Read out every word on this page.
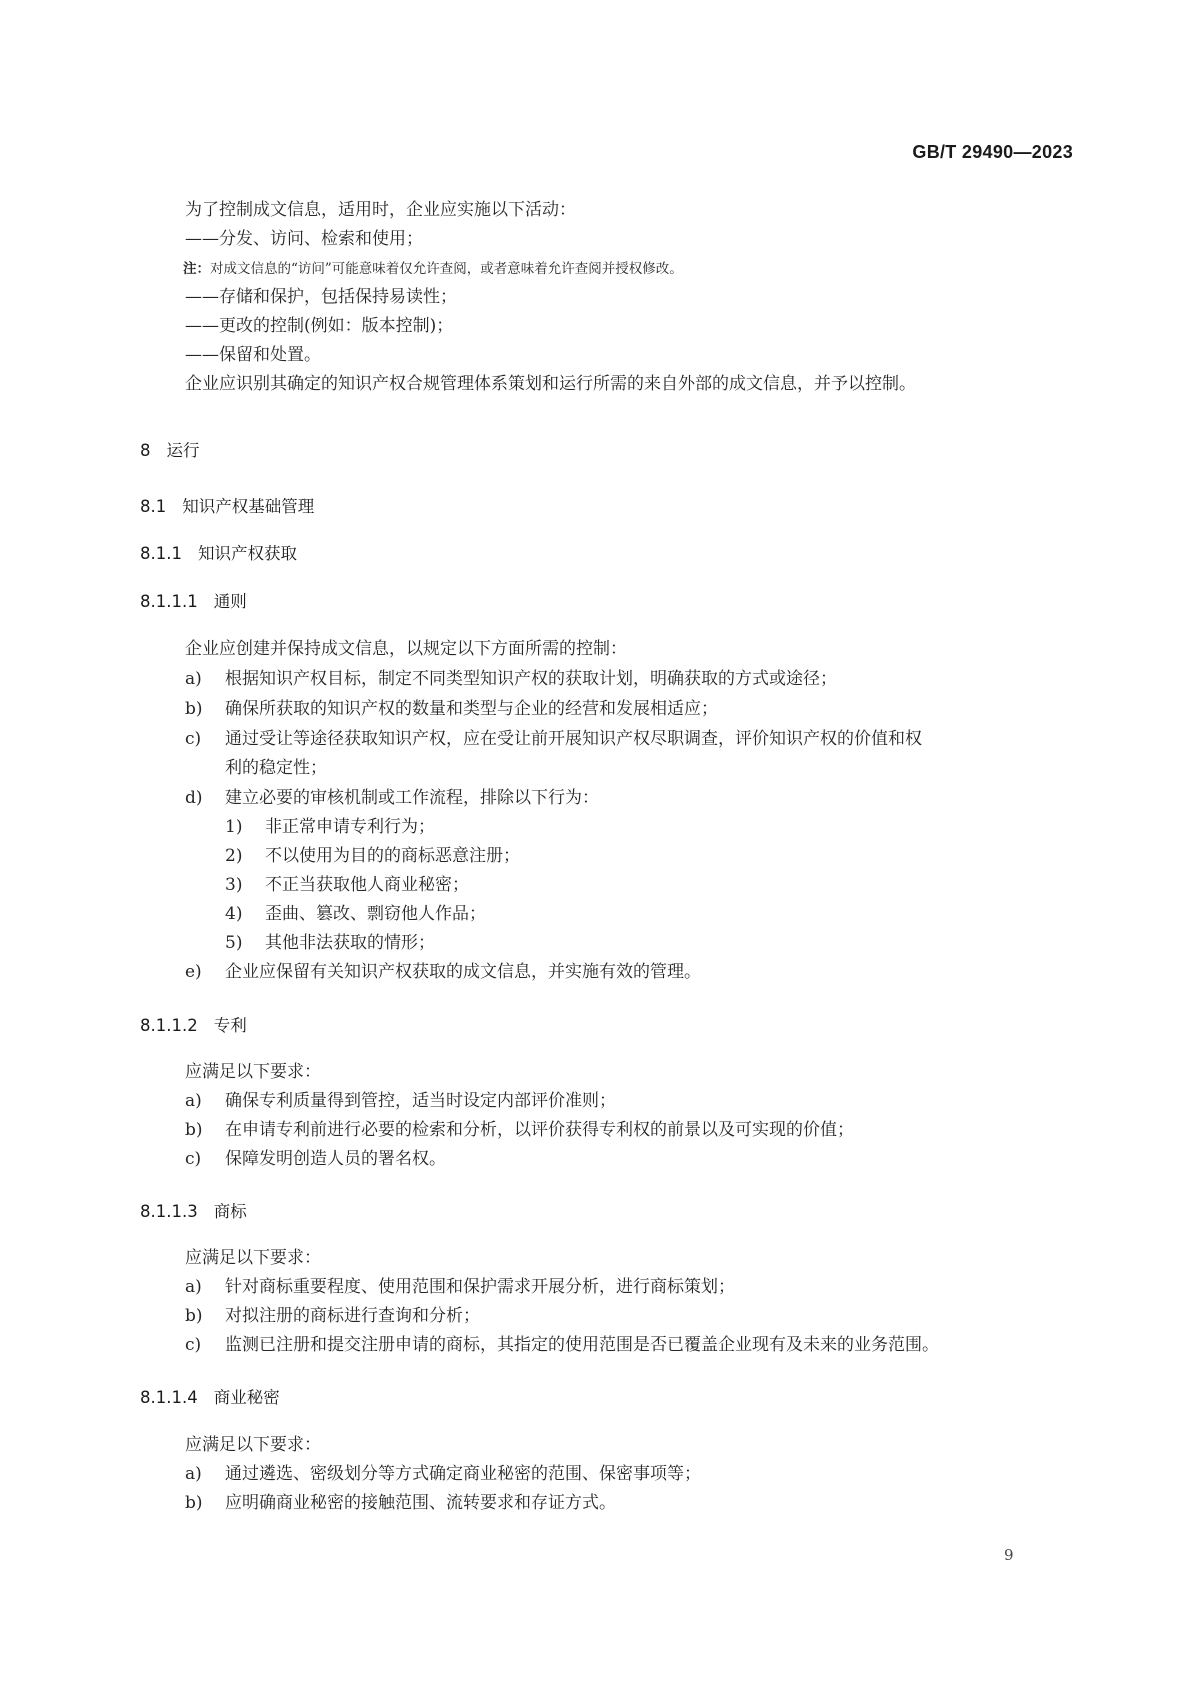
GB/T 29490—2023
为了控制成文信息，适用时，企业应实施以下活动：
——分发、访问、检索和使用；
注：对成文信息的“访问”可能意味着仅允许查阅，或者意味着允许查阅并授权修改。
——存储和保护，包括保持易读性；
——更改的控制(例如：版本控制)；
——保留和处置。
企业应识别其确定的知识产权合规管理体系策划和运行所需的来自外部的成文信息，并予以控制。
8 运行
8.1 知识产权基础管理
8.1.1 知识产权获取
8.1.1.1 通则
企业应创建并保持成文信息，以规定以下方面所需的控制：
a) 根据知识产权目标，制定不同类型知识产权的获取计划，明确获取的方式或途径；
b) 确保所获取的知识产权的数量和类型与企业的经营和发展相适应；
c) 通过受让等途径获取知识产权，应在受让前开展知识产权尽职调查，评价知识产权的价值和权
利的稳定性；
d) 建立必要的审核机制或工作流程，排除以下行为：
1) 非正常申请专利行为；
2) 不以使用为目的的商标恶意注册；
3) 不正当获取他人商业秘密；
4) 歪曲、篡改、剽窃他人作品；
5) 其他非法获取的情形；
e) 企业应保留有关知识产权获取的成文信息，并实施有效的管理。
8.1.1.2 专利
应满足以下要求：
a) 确保专利质量得到管控，适当时设定内部评价准则；
b) 在申请专利前进行必要的检索和分析，以评价获得专利权的前景以及可实现的价值；
c) 保障发明创造人员的署名权。
8.1.1.3 商标
应满足以下要求：
a) 针对商标重要程度、使用范围和保护需求开展分析，进行商标策划；
b) 对拟注册的商标进行查询和分析；
c) 监测已注册和提交注册申请的商标，其指定的使用范围是否已覆盖企业现有及未来的业务范围。
8.1.1.4 商业秘密
应满足以下要求：
a) 通过遴选、密级划分等方式确定商业秘密的范围、保密事项等；
b) 应明确商业秘密的接触范围、流转要求和存证方式。
9
